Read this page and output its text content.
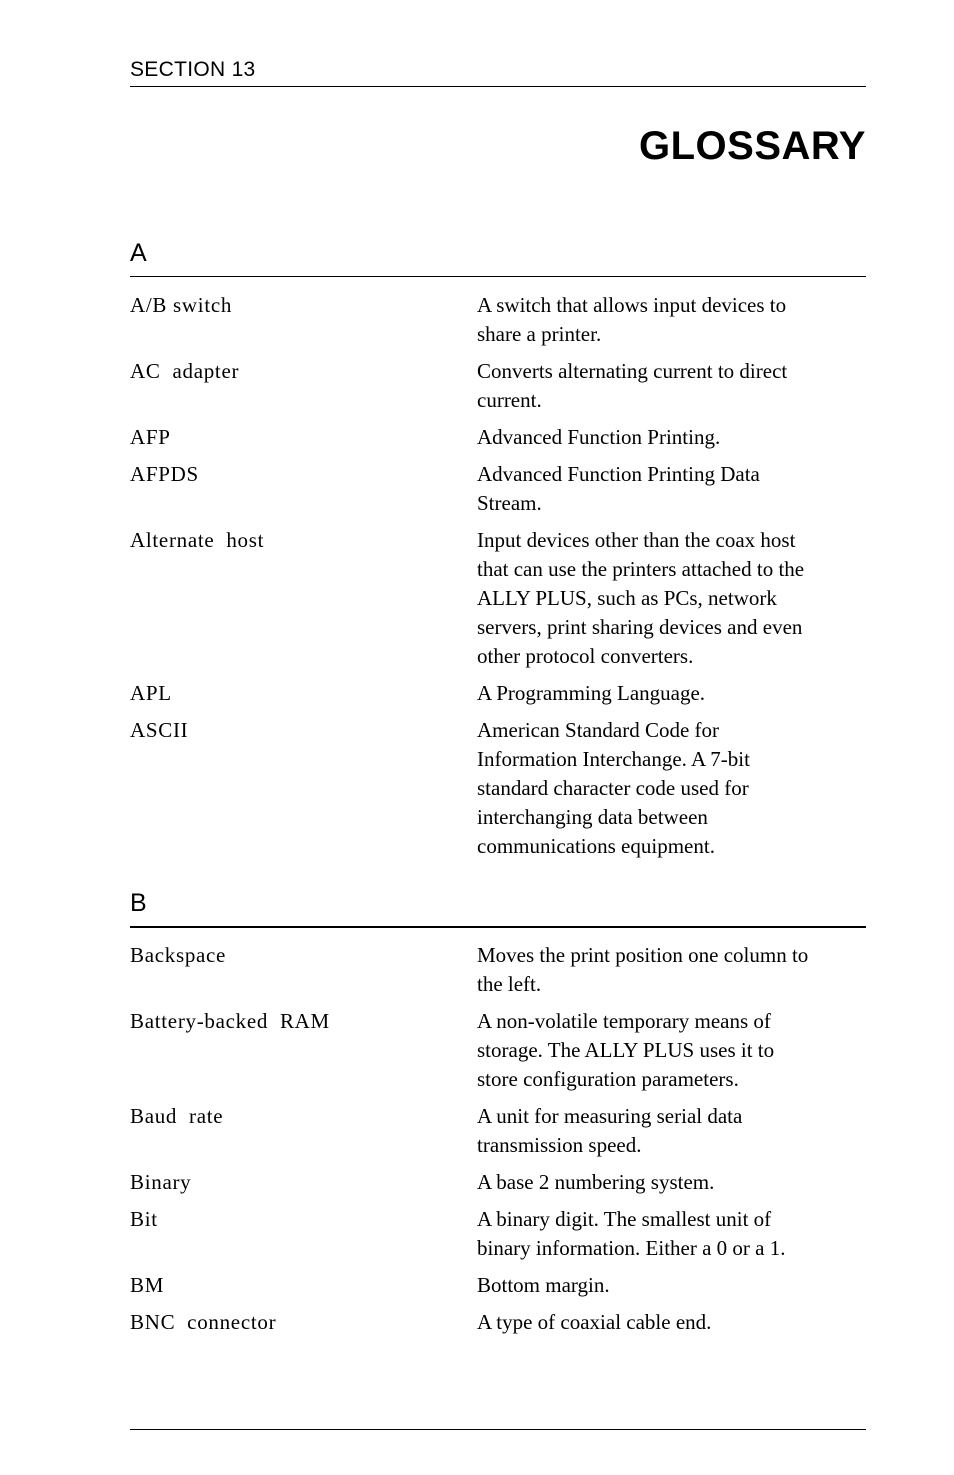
SECTION 13
GLOSSARY
A
A/B switch	A switch that allows input devices to
share a printer.
AC  adapter	Converts alternating current to direct
current.
AFP	Advanced Function Printing.
AFPDS	Advanced Function Printing Data
Stream.
Alternate  host	Input devices other than the coax host
that can use the printers attached to the
ALLY PLUS, such as PCs, network
servers, print sharing devices and even
other protocol converters.
APL	A Programming Language.
ASCII	American Standard Code for
Information Interchange. A 7-bit
standard character code used for
interchanging data between
communications equipment.
B
Backspace	Moves the print position one column to
the left.
Battery-backed  RAM	A non-volatile temporary means of
storage. The ALLY PLUS uses it to
store configuration parameters.
Baud  rate	A unit for measuring serial data
transmission speed.
Binary	A base 2 numbering system.
Bit	A binary digit. The smallest unit of
binary information. Either a 0 or a 1.
BM	Bottom margin.
BNC  connector	A type of coaxial cable end.
